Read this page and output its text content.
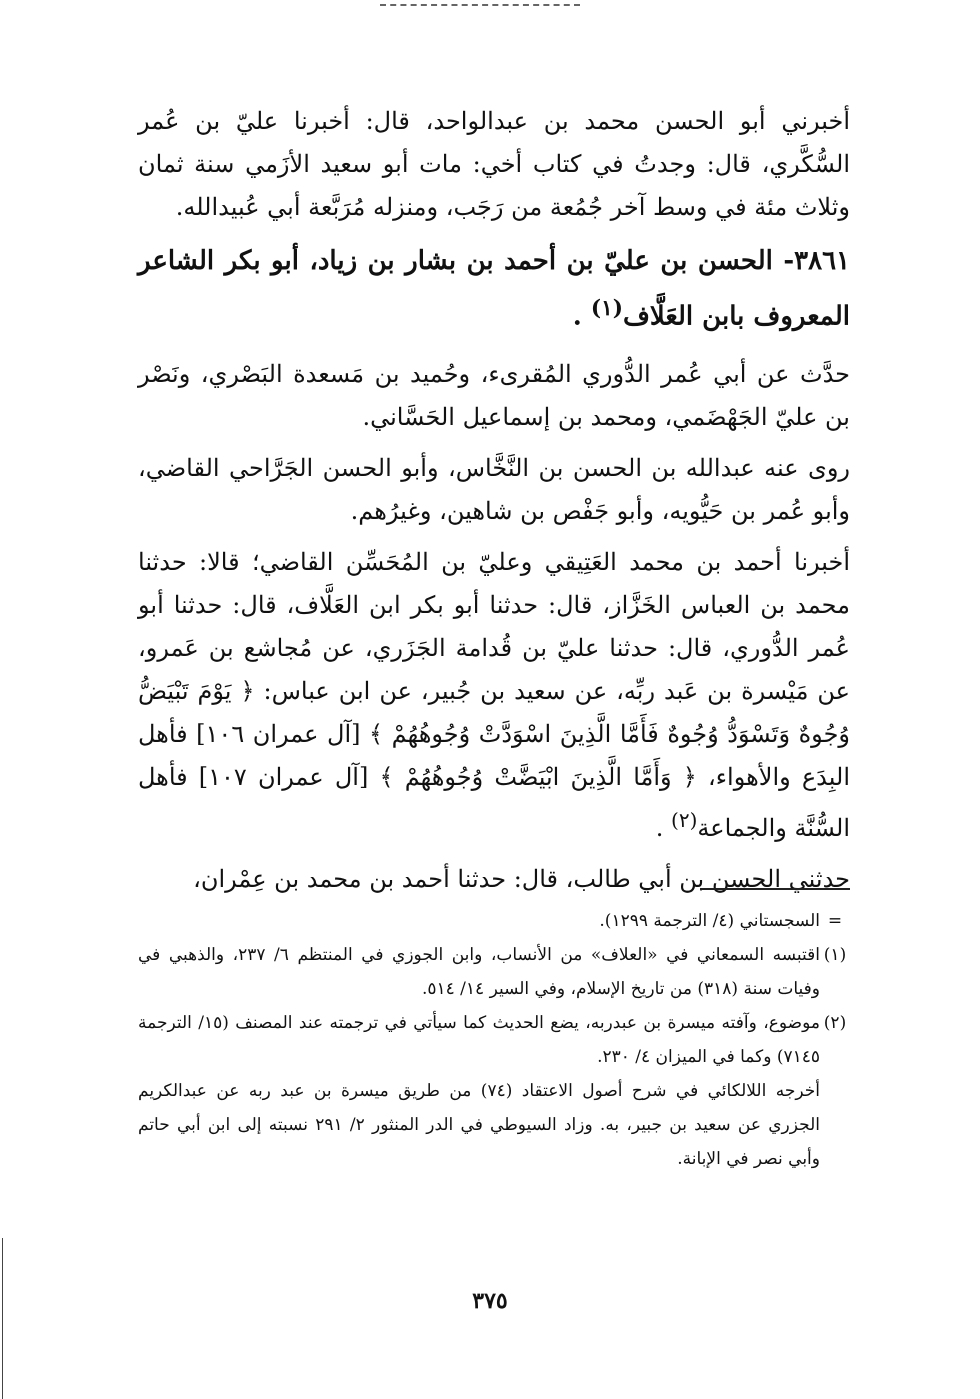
أخبرني أبو الحسن محمد بن عبدالواحد، قال: أخبرنا عليّ بن عُمر السُّكَّري، قال: وجدتُ في كتاب أخي: مات أبو سعيد الأزَمي سنة ثمان وثلاث مئة في وسط آخر جُمُعة من رَجَب، ومنزله مُرَبَّعة أبي عُبيدالله.

٣٨٦١- الحسن بن عليّ بن أحمد بن بشار بن زياد، أبو بكر الشاعر المعروف بابن العَلَّاف$^{(١)}$ .

حدَّث عن أبي عُمر الدُّوري المُقرىء، وحُميد بن مَسعدة البَصْري، ونَصْر بن عليّ الجَهْضَمي، ومحمد بن إسماعيل الحَسَّاني.

روى عنه عبدالله بن الحسن بن النَّخَّاس، وأبو الحسن الجَرَّاحي القاضي، وأبو عُمر بن حَيُّويه، وأبو جَفْص بن شاهين، وغيرُهم.

أخبرنا أحمد بن محمد العَتِيقي وعليّ بن المُحَسِّن القاضي؛ قالا: حدثنا محمد بن العباس الخَزَّاز، قال: حدثنا أبو بكر ابن العَلَّاف، قال: حدثنا أبو عُمر الدُّوري، قال: حدثنا عليّ بن قُدامة الجَزَري، عن مُجاشع بن عَمرو، عن مَيْسرة بن عَبد ربِّه، عن سعيد بن جُبير، عن ابن عباس: ﴿ يَوْمَ تَبْيَضُّ وُجُوهٌ وَتَسْوَدُّ وُجُوهٌ فَأَمَّا الَّذِينَ اسْوَدَّتْ وُجُوهُهُمْ ﴾ [آل عمران ١٠٦] فأهل البِدَع والأهواء، ﴿ وَأَمَّا الَّذِينَ ابْيَضَّتْ وُجُوهُهُمْ ﴾ [آل عمران ١٠٧] فأهل السُّنَّة والجماعة$^{(٢)}$ .

حدثني الحسن بن أبي طالب، قال: حدثنا أحمد بن محمد بن عِمْران،

=
السجستاني (٤/ الترجمة ١٢٩٩).
(١)
اقتبسه السمعاني في «العلاف» من الأنساب، وابن الجوزي في المنتظم ٦/ ٢٣٧، والذهبي في وفيات سنة (٣١٨) من تاريخ الإسلام، وفي السير ١٤/ ٥١٤.
(٢)
موضوع، وآفته ميسرة بن عبدربه، يضع الحديث كما سيأتي في ترجمته عند المصنف (١٥/ الترجمة ٧١٤٥) وكما في الميزان ٤/ ٢٣٠.

أخرجه اللالكائي في شرح أصول الاعتقاد (٧٤) من طريق ميسرة بن عبد ربه عن عبدالكريم الجزري عن سعيد بن جبير، به. وزاد السيوطي في الدر المنثور ٢/ ٢٩١ نسبته إلى ابن أبي حاتم وأبي نصر في الإبانة.

٣٧٥
